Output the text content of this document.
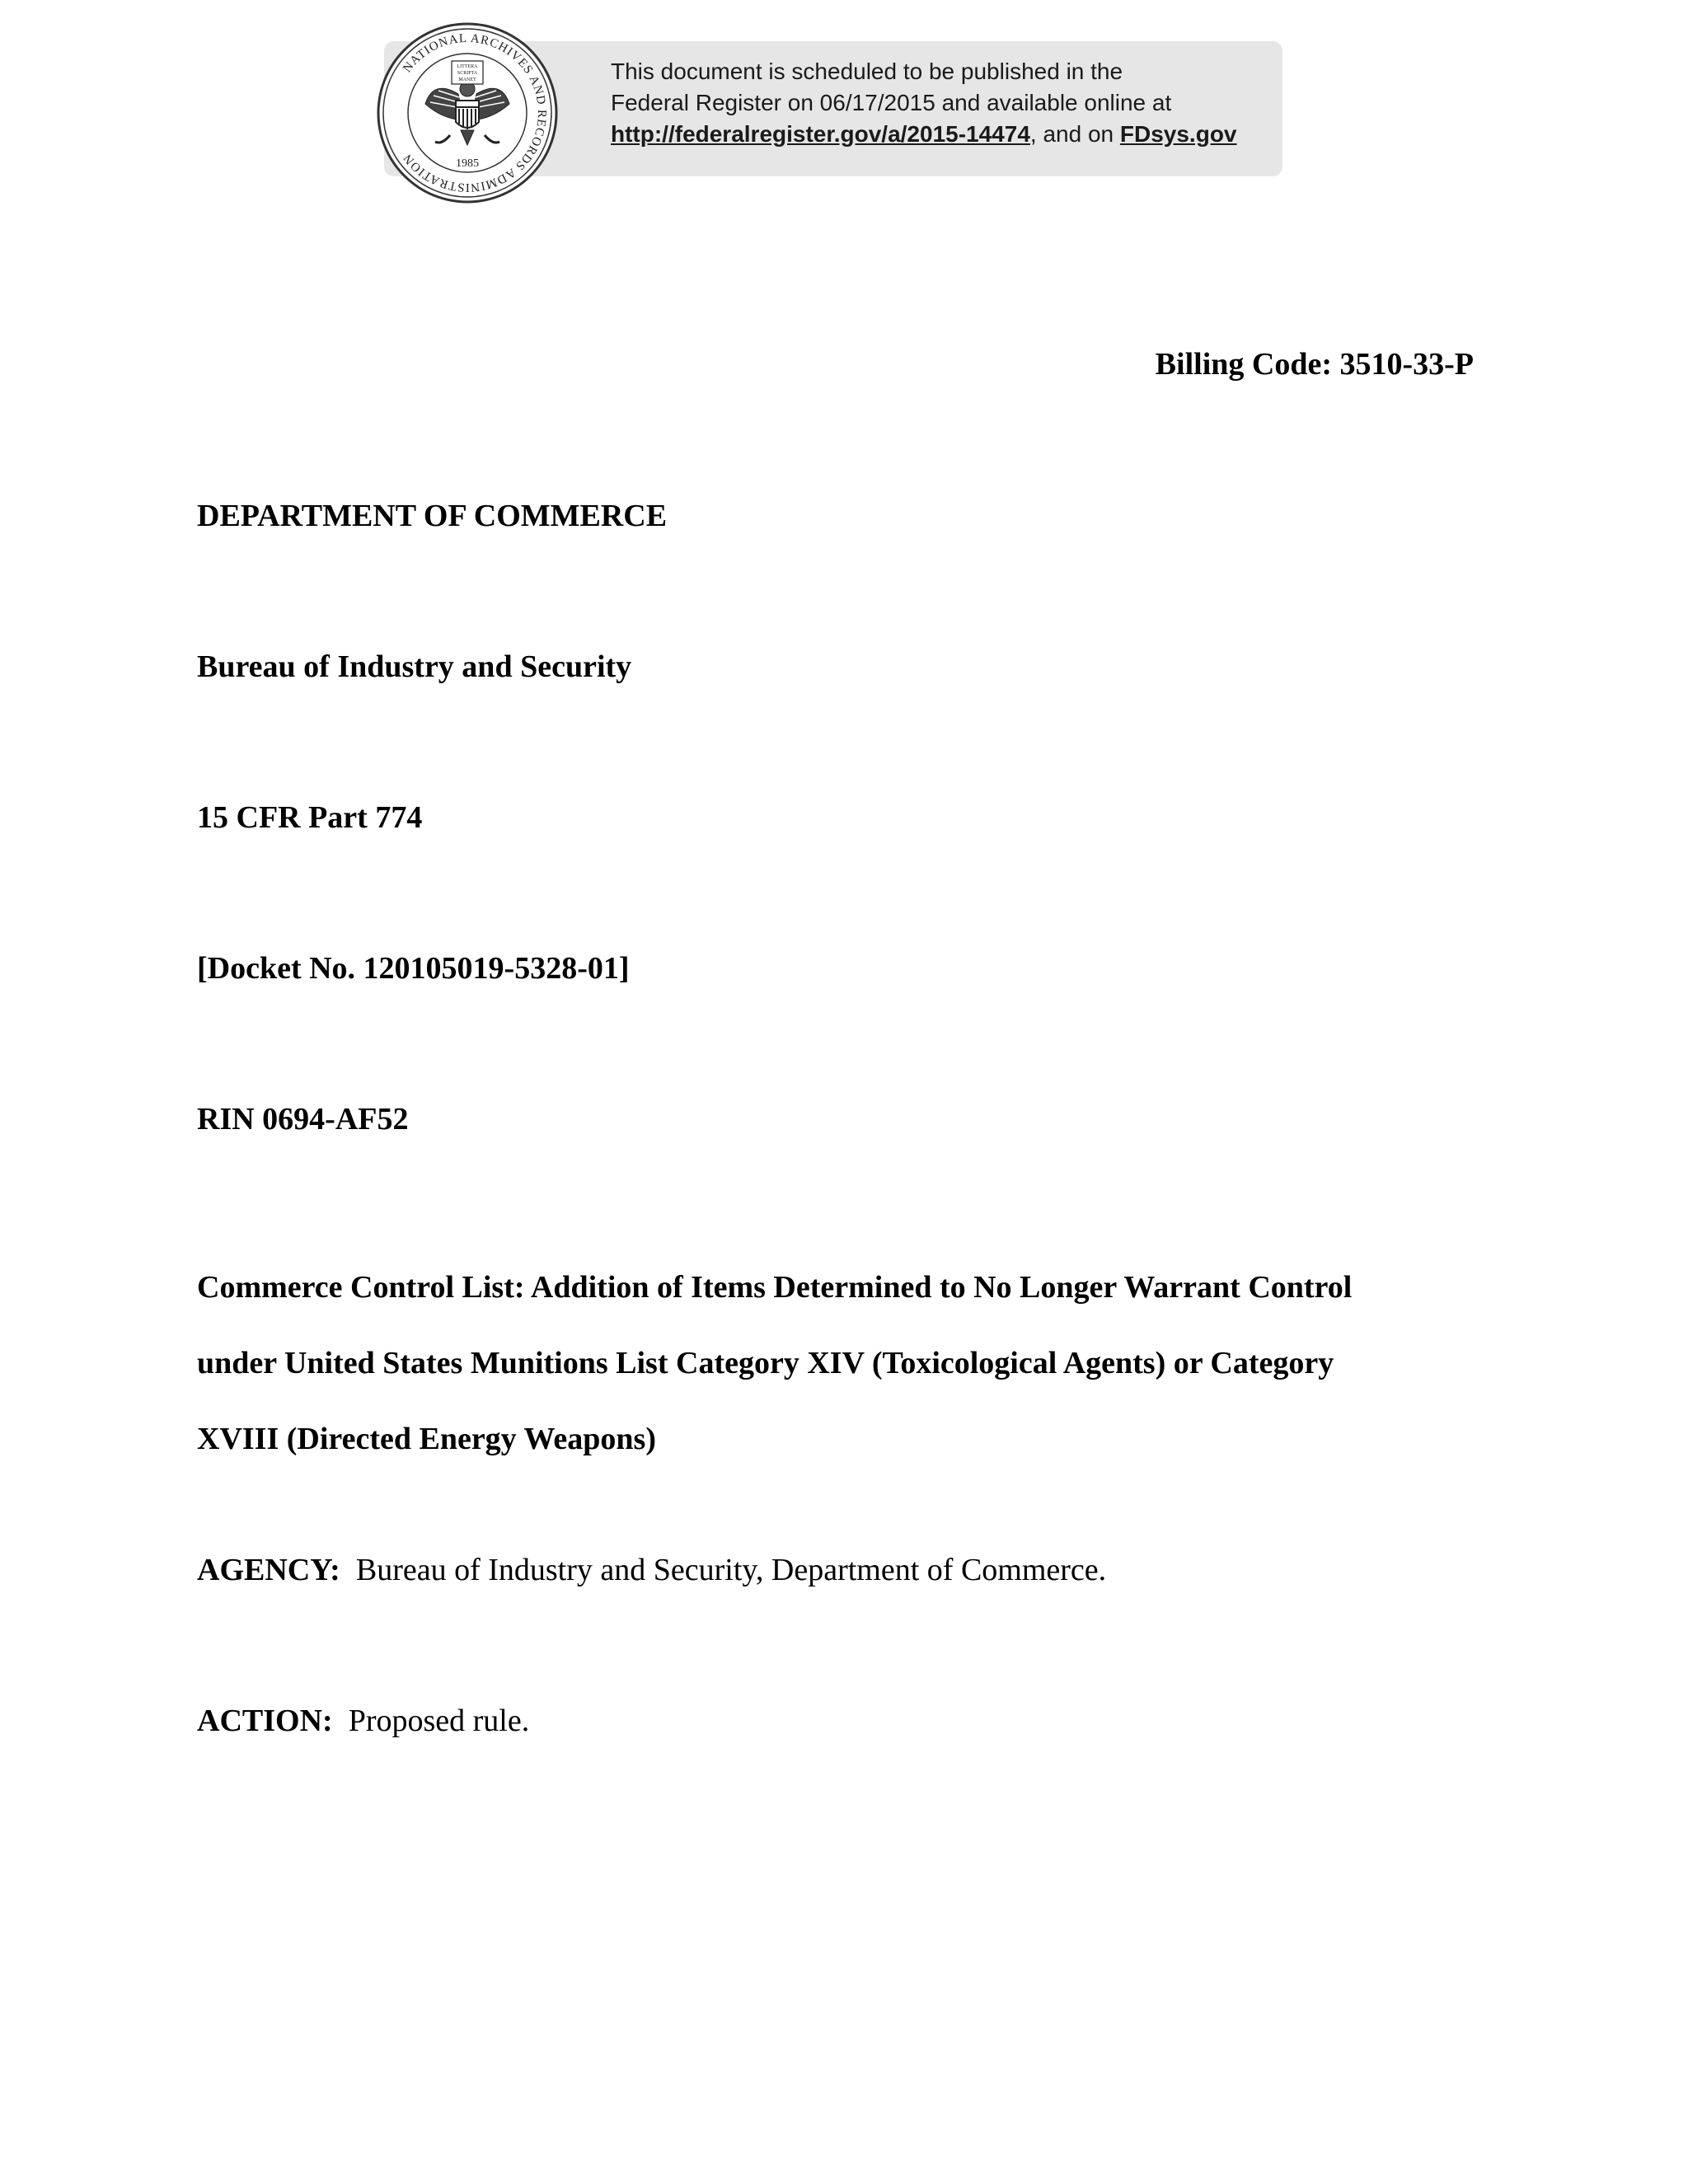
NATIONAL ARCHIVES AND RECORDS ADMINISTRATION
LITTERA
SCRIPTA
MANET
1985
This document is scheduled to be published in the
Federal Register on 06/17/2015 and available online at
http://federalregister.gov/a/2015-14474, and on FDsys.gov
Billing Code: 3510-33-P
DEPARTMENT OF COMMERCE
Bureau of Industry and Security
15 CFR Part 774
[Docket No. 120105019-5328-01]
RIN 0694-AF52
Commerce Control List: Addition of Items Determined to No Longer Warrant Control
under United States Munitions List Category XIV (Toxicological Agents) or Category
XVIII (Directed Energy Weapons)
AGENCY: Bureau of Industry and Security, Department of Commerce.
ACTION: Proposed rule.
